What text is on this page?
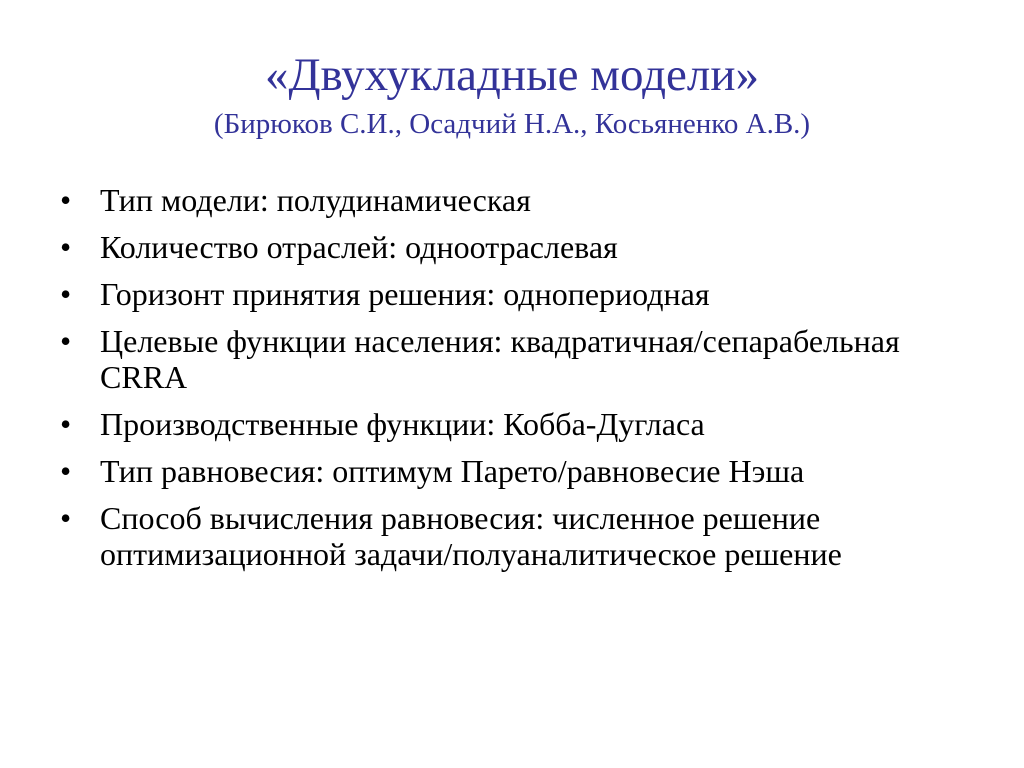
«Двухукладные модели»

(Бирюков С.И., Осадчий Н.А., Косьяненко А.В.)

• Тип модели: полудинамическая
• Количество отраслей: одноотраслевая
• Горизонт принятия решения: однопериодная
• Целевые функции населения: квадратичная/сепарабельная CRRA
• Производственные функции: Кобба-Дугласа
• Тип равновесия: оптимум Парето/равновесие Нэша
• Способ вычисления равновесия: численное решение оптимизационной задачи/полуаналитическое решение
